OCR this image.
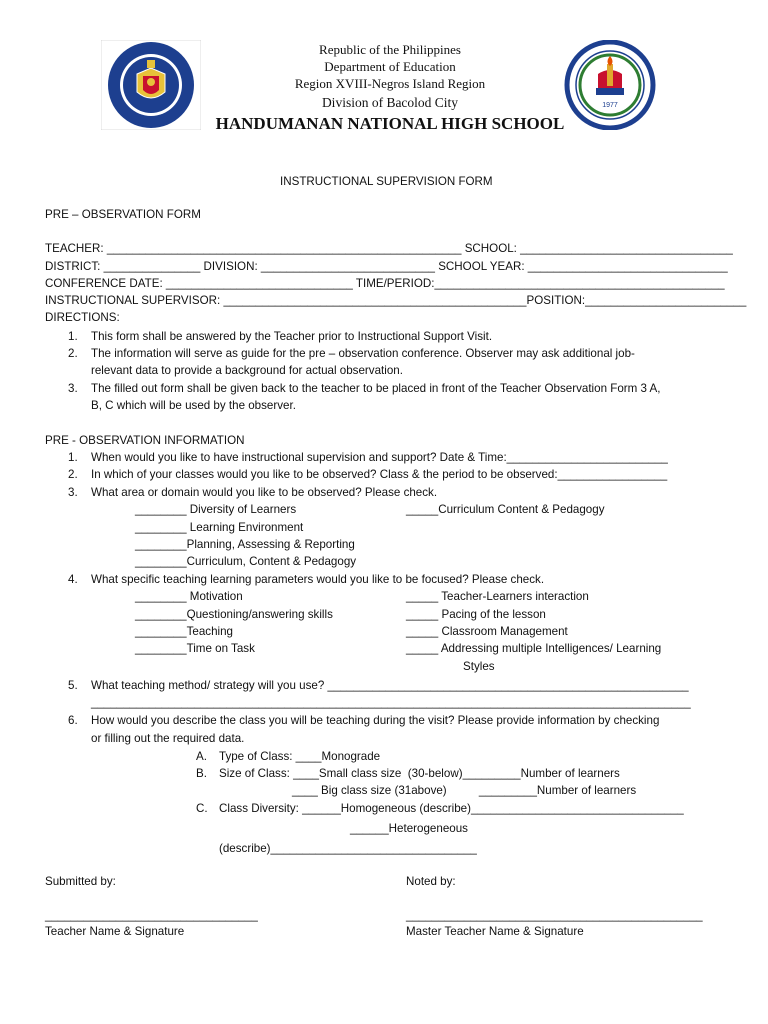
1977
Republic of the Philippines
Department of Education
Region XVIII-Negros Island Region
Division of Bacolod City
HANDUMANAN NATIONAL HIGH SCHOOL
INSTRUCTIONAL SUPERVISION FORM
PRE – OBSERVATION FORM
TEACHER: _______________________________________________________ SCHOOL: _________________________________
DISTRICT: _______________ DIVISION: ___________________________ SCHOOL YEAR: _______________________________
CONFERENCE DATE: _____________________________ TIME/PERIOD:_____________________________________________
INSTRUCTIONAL SUPERVISOR: _______________________________________________POSITION:_________________________
DIRECTIONS:
1. This form shall be answered by the Teacher prior to Instructional Support Visit.
2. The information will serve as guide for the pre – observation conference. Observer may ask additional job-
relevant data to provide a background for actual observation.
3. The filled out form shall be given back to the teacher to be placed in front of the Teacher Observation Form 3 A,
B, C which will be used by the observer.
PRE - OBSERVATION INFORMATION
1. When would you like to have instructional supervision and support? Date & Time:_________________________
2. In which of your classes would you like to be observed? Class & the period to be observed:_________________
3. What area or domain would you like to be observed? Please check.
________ Diversity of Learners	_____Curriculum Content & Pedagogy
________ Learning Environment
________Planning, Assessing & Reporting
________Curriculum, Content & Pedagogy
4. What specific teaching learning parameters would you like to be focused? Please check.
________ Motivation	_____ Teacher-Learners interaction
________Questioning/answering skills	_____ Pacing of the lesson
________Teaching	_____ Classroom Management
________Time on Task	_____ Addressing multiple Intelligences/ Learning
Styles
5. What teaching method/ strategy will you use? ________________________________________________________
_____________________________________________________________________________________________
6. How would you describe the class you will be teaching during the visit? Please provide information by checking
or filling out the required data.
A. Type of Class: ____Monograde
B. Size of Class: ____Small class size  (30-below)_________Number of learners
____ Big class size (31above)          _________Number of learners
C. Class Diversity: ______Homogeneous (describe)_________________________________
______Heterogeneous
(describe)________________________________
Submitted by:	Noted by:
_________________________________	______________________________________________
Teacher Name & Signature	Master Teacher Name & Signature
